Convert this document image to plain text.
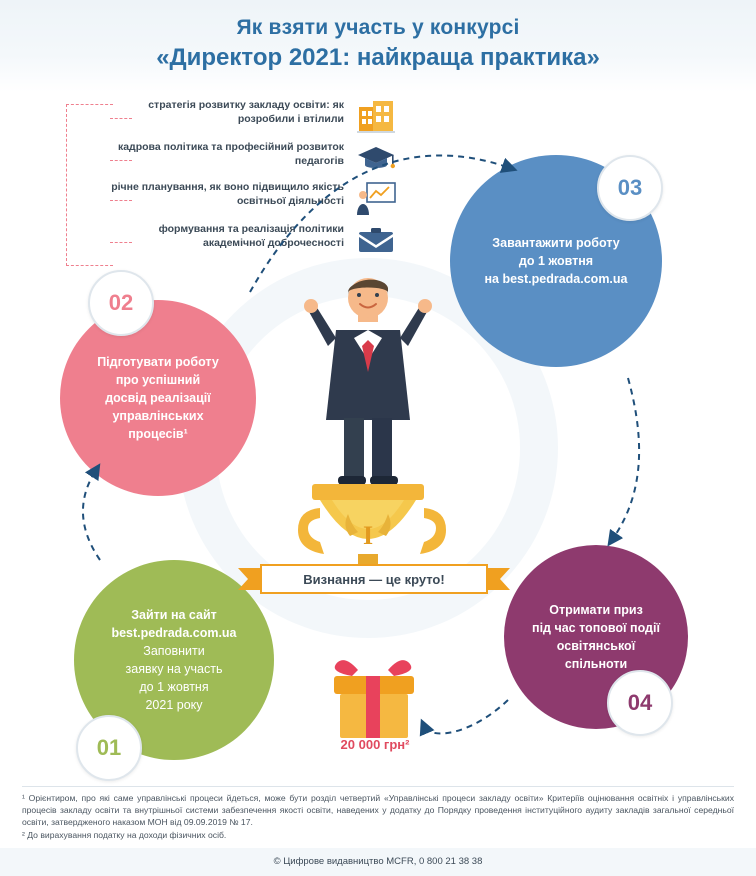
Як взяти участь у конкурсі
«Директор 2021: найкраща практика»
стратегія розвитку закладу освіти: як розробили і втілили
кадрова політика та професійний розвиток педагогів
річне планування, як воно підвищило якість освітньої діяльності
формування та реалізація політики академічної доброчесності	Завантажити роботу
до 1 жовтня
на best.pedrada.com.ua
03
Підготувати роботу
про успішний
досвід реалізації
управлінських
процесів¹
02
Зайти на сайт
best.pedrada.com.ua
Заповнити
заявку на участь
до 1 жовтня
2021 року
01
Отримати приз
під час топової події
освітянської
спільноти
04
I
Визнання — це круто!
20 000 грн²
¹ Орієнтиром, про які саме управлінські процеси йдеться, може бути розділ четвертий «Управлінські процеси закладу освіти» Критеріїв оцінювання освітніх і управлінських процесів закладу освіти та внутрішньої системи забезпечення якості освіти, наведених у додатку до Порядку проведення інституційного аудиту закладів загальної середньої освіти, затвердженого наказом МОН від 09.09.2019 № 17.
² До вирахування податку на доходи фізичних осіб.
© Цифрове видавництво MCFR, 0 800 21 38 38
